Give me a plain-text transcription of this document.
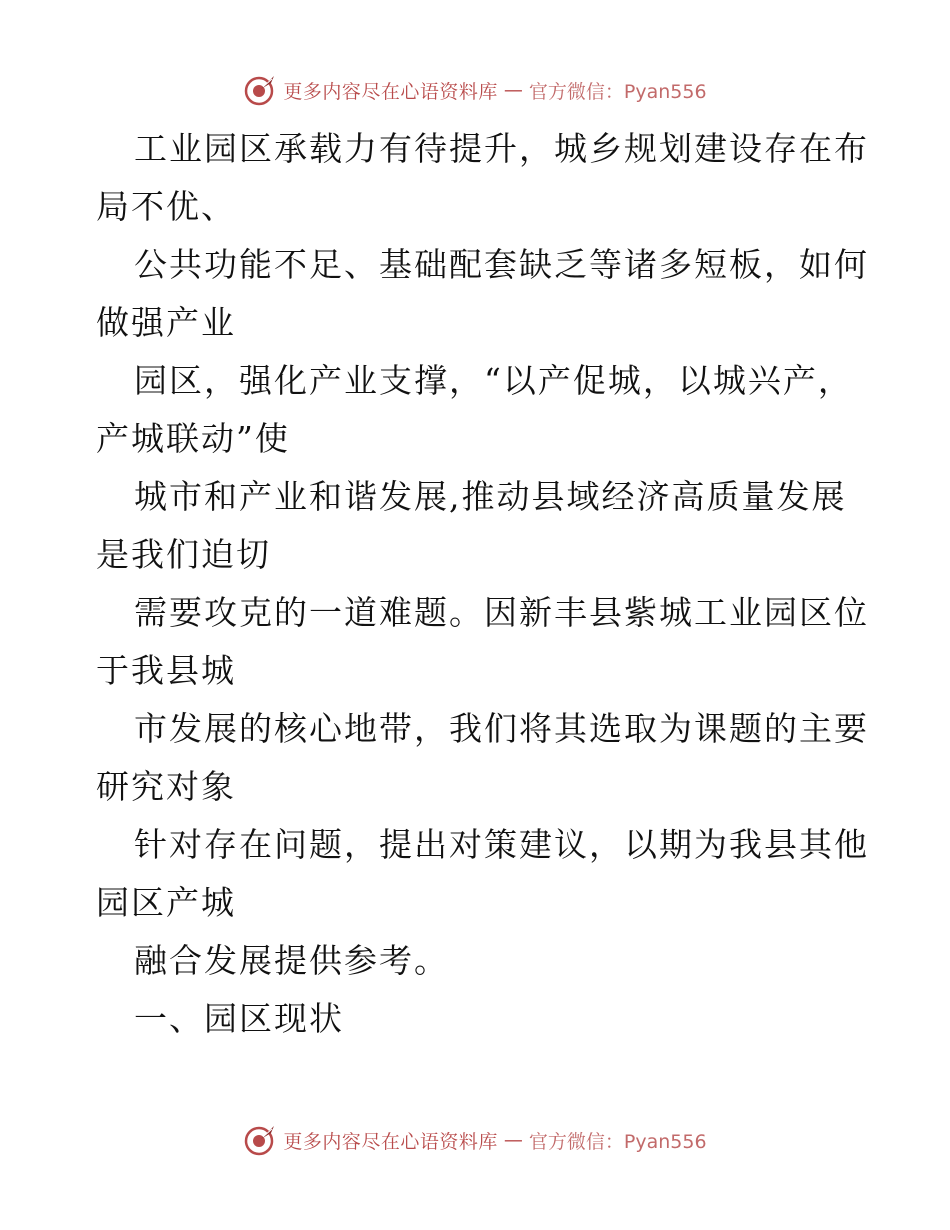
更多内容尽在心语资料库 — 官方微信：Pyan556

工业园区承载力有待提升，城乡规划建设存在布
局不优、

公共功能不足、基础配套缺乏等诸多短板，如何
做强产业

园区，强化产业支撑，“以产促城，以城兴产，
产城联动”使

城市和产业和谐发展,推动县域经济高质量发展
是我们迫切

需要攻克的一道难题。因新丰县紫城工业园区位
于我县城

市发展的核心地带，我们将其选取为课题的主要
研究对象

针对存在问题，提出对策建议，以期为我县其他
园区产城

融合发展提供参考。

一、园区现状

更多内容尽在心语资料库 — 官方微信：Pyan556
